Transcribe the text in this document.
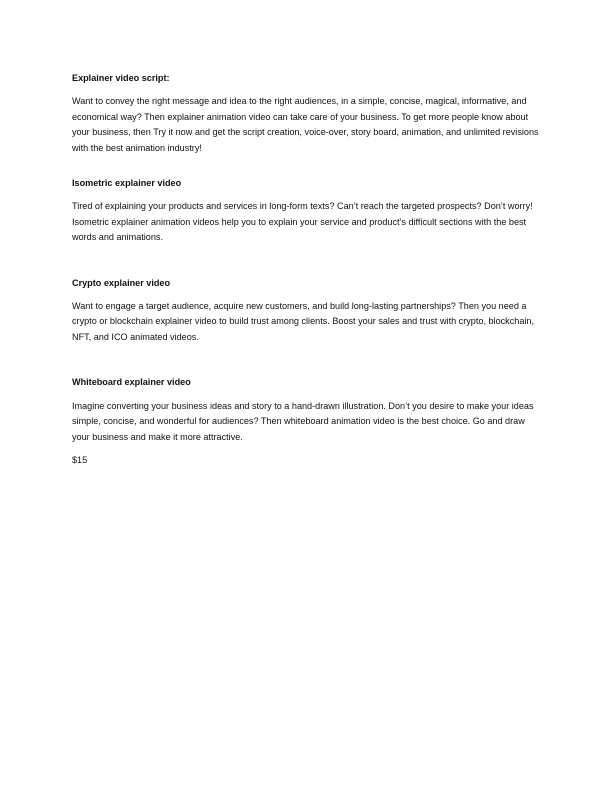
Explainer video script:

Want to convey the right message and idea to the right audiences, in a simple, concise, magical, informative, and economical way? Then explainer animation video can take care of your business. To get more people know about your business, then Try it now and get the script creation, voice-over, story board, animation, and unlimited revisions with the best animation industry!

Isometric explainer video

Tired of explaining your products and services in long-form texts? Can’t reach the targeted prospects? Don’t worry! Isometric explainer animation videos help you to explain your service and product’s difficult sections with the best words and animations.

Crypto explainer video

Want to engage a target audience, acquire new customers, and build long-lasting partnerships? Then you need a crypto or blockchain explainer video to build trust among clients. Boost your sales and trust with crypto, blockchain, NFT, and ICO animated videos.

Whiteboard explainer video

Imagine converting your business ideas and story to a hand-drawn illustration. Don’t you desire to make your ideas simple, concise, and wonderful for audiences? Then whiteboard animation video is the best choice. Go and draw your business and make it more attractive.

$15
